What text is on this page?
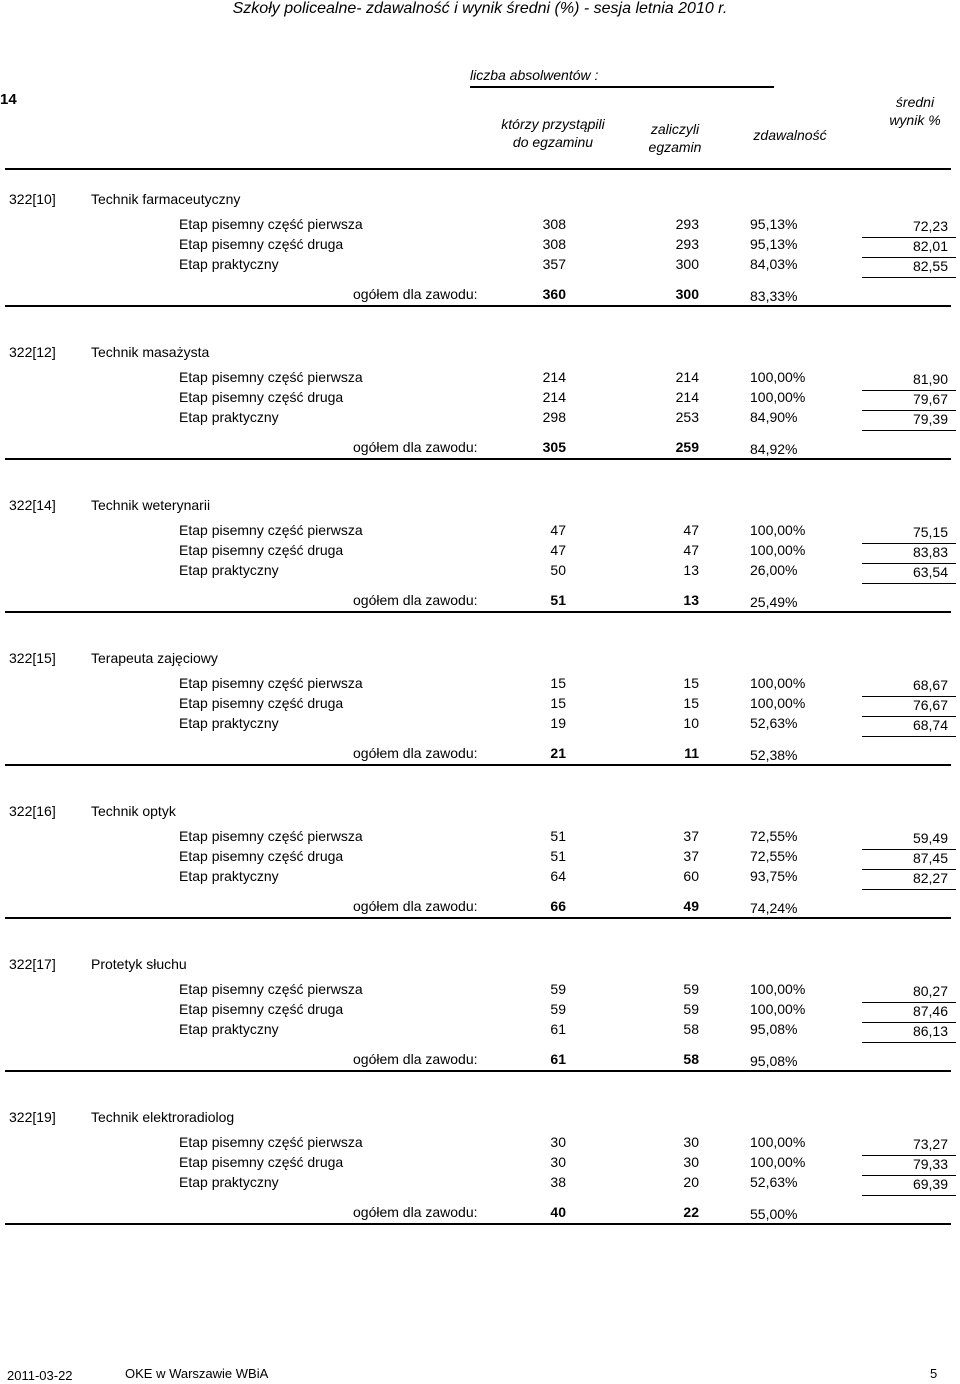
Szkoły policealne- zdawalność i wynik średni (%) - sesja letnia 2010 r.
14
liczba absolwentów :
którzy przystąpili
do egzaminu
zaliczyli
egzamin
zdawalność
średni
wynik %
322[10]	Technik farmaceutyczny
Etap pisemny część pierwsza	308	293	95,13%	72,23
Etap pisemny część druga	308	293	95,13%	82,01
Etap praktyczny	357	300	84,03%	82,55
ogółem dla zawodu:	360	300	83,33%
322[12]	Technik masażysta
Etap pisemny część pierwsza	214	214	100,00%	81,90
Etap pisemny część druga	214	214	100,00%	79,67
Etap praktyczny	298	253	84,90%	79,39
ogółem dla zawodu:	305	259	84,92%
322[14]	Technik weterynarii
Etap pisemny część pierwsza	47	47	100,00%	75,15
Etap pisemny część druga	47	47	100,00%	83,83
Etap praktyczny	50	13	26,00%	63,54
ogółem dla zawodu:	51	13	25,49%
322[15]	Terapeuta zajęciowy
Etap pisemny część pierwsza	15	15	100,00%	68,67
Etap pisemny część druga	15	15	100,00%	76,67
Etap praktyczny	19	10	52,63%	68,74
ogółem dla zawodu:	21	11	52,38%
322[16]	Technik optyk
Etap pisemny część pierwsza	51	37	72,55%	59,49
Etap pisemny część druga	51	37	72,55%	87,45
Etap praktyczny	64	60	93,75%	82,27
ogółem dla zawodu:	66	49	74,24%
322[17]	Protetyk słuchu
Etap pisemny część pierwsza	59	59	100,00%	80,27
Etap pisemny część druga	59	59	100,00%	87,46
Etap praktyczny	61	58	95,08%	86,13
ogółem dla zawodu:	61	58	95,08%
322[19]	Technik elektroradiolog
Etap pisemny część pierwsza	30	30	100,00%	73,27
Etap pisemny część druga	30	30	100,00%	79,33
Etap praktyczny	38	20	52,63%	69,39
ogółem dla zawodu:	40	22	55,00%
2011-03-22	OKE w Warszawie WBiA	5
